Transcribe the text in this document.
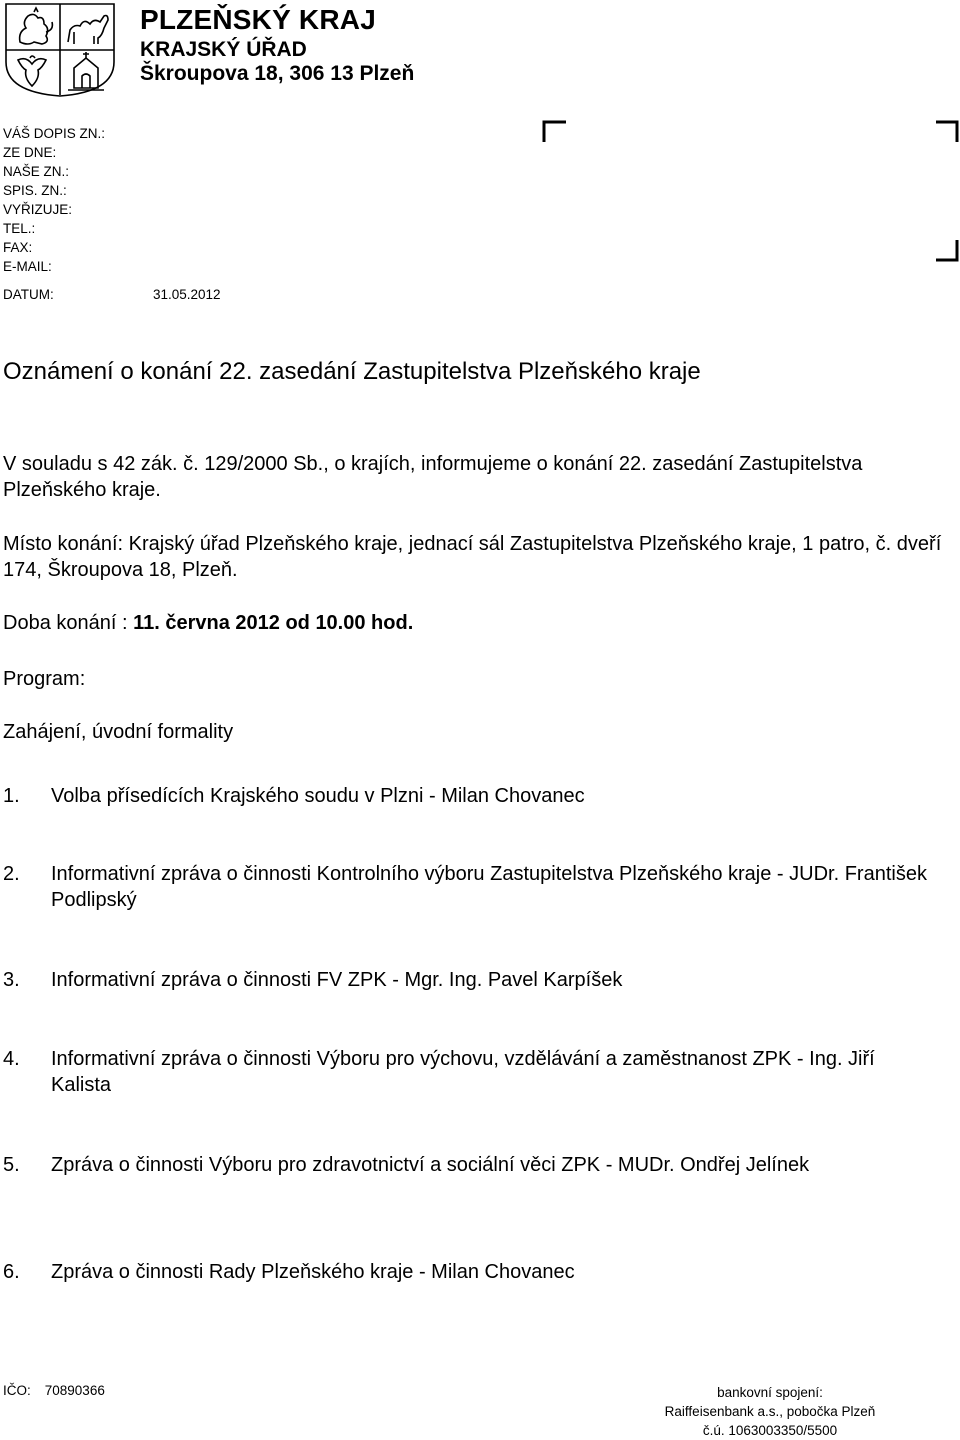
PLZEŇSKÝ KRAJ
KRAJSKÝ ÚŘAD
Škroupova 18, 306 13 Plzeň
VÁŠ DOPIS ZN.:
ZE DNE:
NAŠE ZN.:
SPIS. ZN.:
VYŘIZUJE:
TEL.:
FAX:
E-MAIL:
DATUM:	31.05.2012
Oznámení o konání 22. zasedání Zastupitelstva Plzeňského kraje
V souladu s 42 zák. č. 129/2000 Sb., o krajích, informujeme o konání 22. zasedání Zastupitelstva Plzeňského kraje.
Místo konání: Krajský úřad Plzeňského kraje, jednací sál Zastupitelstva Plzeňského kraje, 1 patro, č. dveří 174, Škroupova 18, Plzeň.
Doba konání : 11. června 2012 od 10.00 hod.
Program:
Zahájení, úvodní formality
1. Volba přísedících Krajského soudu v Plzni - Milan Chovanec
2. Informativní zpráva o činnosti Kontrolního výboru Zastupitelstva Plzeňského kraje - JUDr. František Podlipský
3. Informativní zpráva o činnosti FV ZPK - Mgr. Ing. Pavel Karpíšek
4. Informativní zpráva o činnosti Výboru pro výchovu, vzdělávání a zaměstnanost ZPK - Ing. Jiří Kalista
5. Zpráva o činnosti Výboru pro zdravotnictví a sociální věci ZPK - MUDr. Ondřej Jelínek
6. Zpráva o činnosti Rady Plzeňského kraje - Milan Chovanec
IČO: 70890366	bankovní spojení:
Raiffeisenbank a.s., pobočka Plzeň
č.ú. 1063003350/5500
